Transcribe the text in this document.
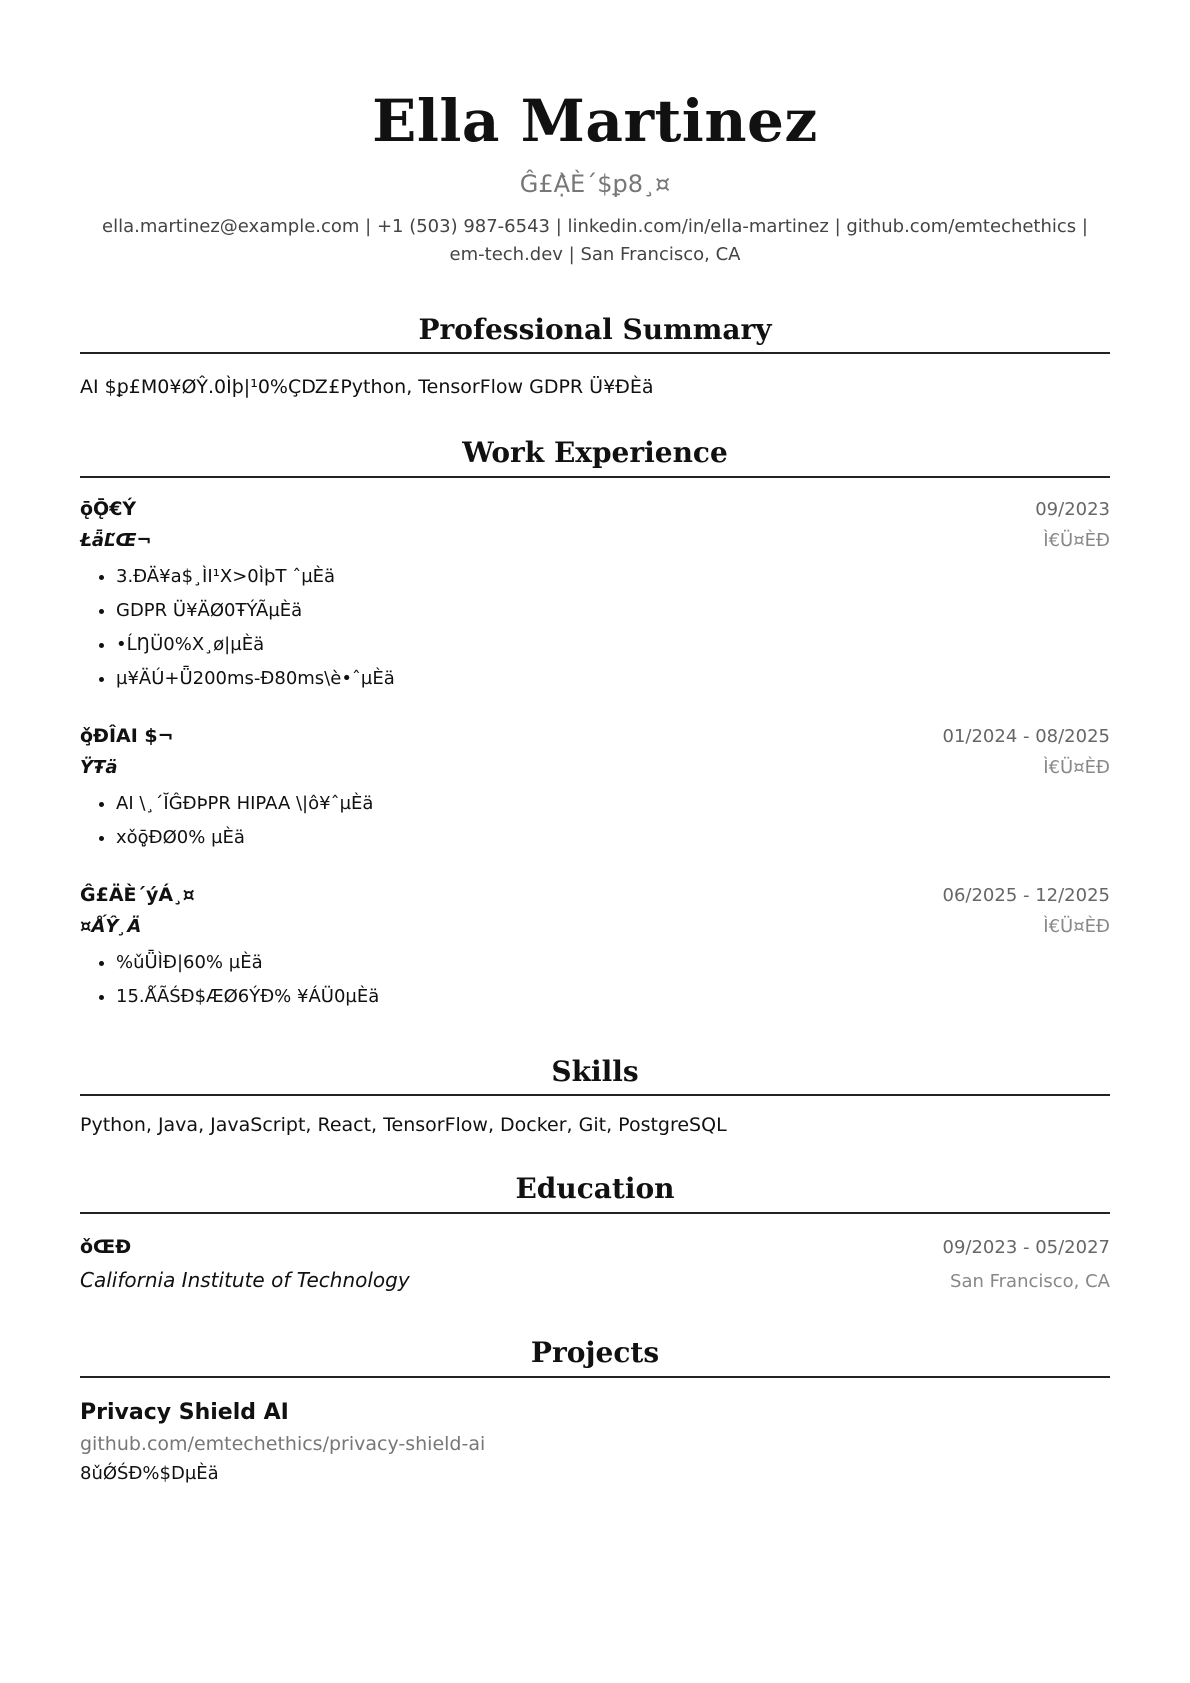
Ella Martinez
Ĝ£Ạ̀È´$ꝑ8¸¤
ella.martinez@example.com | +1 (503) 987-6543 | linkedin.com/in/ella-martinez | github.com/emtechethics |
em-tech.dev | San Francisco, CA
Professional Summary
AI $ꝑ£M0¥ØŶ.0Ìþ|¹0%ÇǱ£Python, TensorFlow GDPR Ü¥ĐÈä
Work Experience
ǭǬ€Ý	09/2023
ŁǟĽ̌Œ¬	Ì€Ü¤ÈĐ
• 3.ÐÄ¥a$¸ÌI¹X>0ÌþT ˆµÈä
• GDPR Ü¥ÄØ0ŦÝÃµÈä
• •ĹŊÜ0%X¸ø|µÈä
• µ¥ÄÚ+Ǖ200ms-Ð80ms\è•ˆµÈä
ǒ̧ÐÎAI $¬	01/2024 - 08/2025
ŸŦä	Ì€Ü¤ÈĐ
• AI \¸´ĬĜÐÞPR HIPAA \|ô¥ˆµÈä
• xǒǭ̧ÐØ0% µÈä
Ĝ£ÄÈ´ýÁ¸¤	06/2025 - 12/2025
¤ǺŶ¸Ä	Ì€Ü¤ÈĐ
• %ǔǕÌĐ|60% µÈä
• 15.ǺÃŚÐ$ÆØ6ÝÐ% ¥ÁÜ0µÈä
Skills
Python, Java, JavaScript, React, TensorFlow, Docker, Git, PostgreSQL
Education
ǒŒÐ	09/2023 - 05/2027
California Institute of Technology	San Francisco, CA
Projects
Privacy Shield AI
github.com/emtechethics/privacy-shield-ai
8ǔǾŚÐ%$DµÈä
